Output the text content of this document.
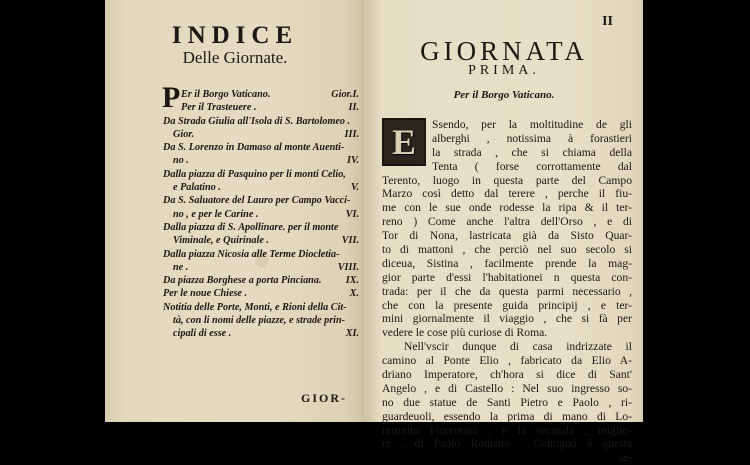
INDICE
Delle Giornate.
P Er il Borgo Vaticano.	Gior.I.
Per il Trasteuere .	II.
Da Strada Giulia all'Isola di S. Bartolomeo .
Gior.	III.
Da S. Lorenzo in Damaso al monte Auenti-
no .	IV.
Dalla piazza di Pasquino per li monti Celio,
e Palatino .	V.
Da S. Saluatore del Lauro per Campo Vacci-
no , e per le Carine .	VI.
Dalla piazza di S. Apollinare. per il monte
Viminale, e Quirinale .	VII.
Dalla piazza Nicosia alle Terme Diocletia-
ne .	VIII.
Da piazza Borghese a porta Pinciana.	IX.
Per le noue Chiese .	X.
Notitia delle Porte, Monti, e Rioni della Cit-
tà, con li nomi delle piazze, e strade prin-
cipali di esse .	XI.
GIOR-
II
GIORNATA
PRIMA.
Per il Borgo Vaticano.
E	Ssendo, per la moltitudine de gli
alberghi , notissima à forastieri
la strada , che si chiama della
Tenta ( forse corrottamente dal
Terento, luogo in questa parte del Campo
Marzo così detto dal terere , perche il fiu-
me con le sue onde rodesse la ripa & il ter-
reno ) Come anche l'altra dell'Orso , e di
Tor di Nona, lastricata già da Sisto Quar-
to di mattoni , che perciò nel suo secolo si
diceua, Sistina , facilmente prende la mag-
gior parte d'essi l'habitationei n questa con-
trada: per il che da questa parmi necessario ,
che con la presente guida principij , e ter-
mini giornalmente il viaggio , che si fà per
vedere le cose più curiose di Roma.
Nell'vscir dunque di casa indrizzate il
camino al Ponte Elio , fabricato da Elio A-
driano Imperatore, ch'hora si dice di Sant'
Angelo , e di Castello : Nel suo ingresso so-
no due statue de Santi Pietro e Paolo , ri-
guardeuoli, essendo la prima di mano di Lo-
renzetto Fiorentino , e la seconda , miglio-
re , di Paolo Romano . Contiguo à questa
se-
